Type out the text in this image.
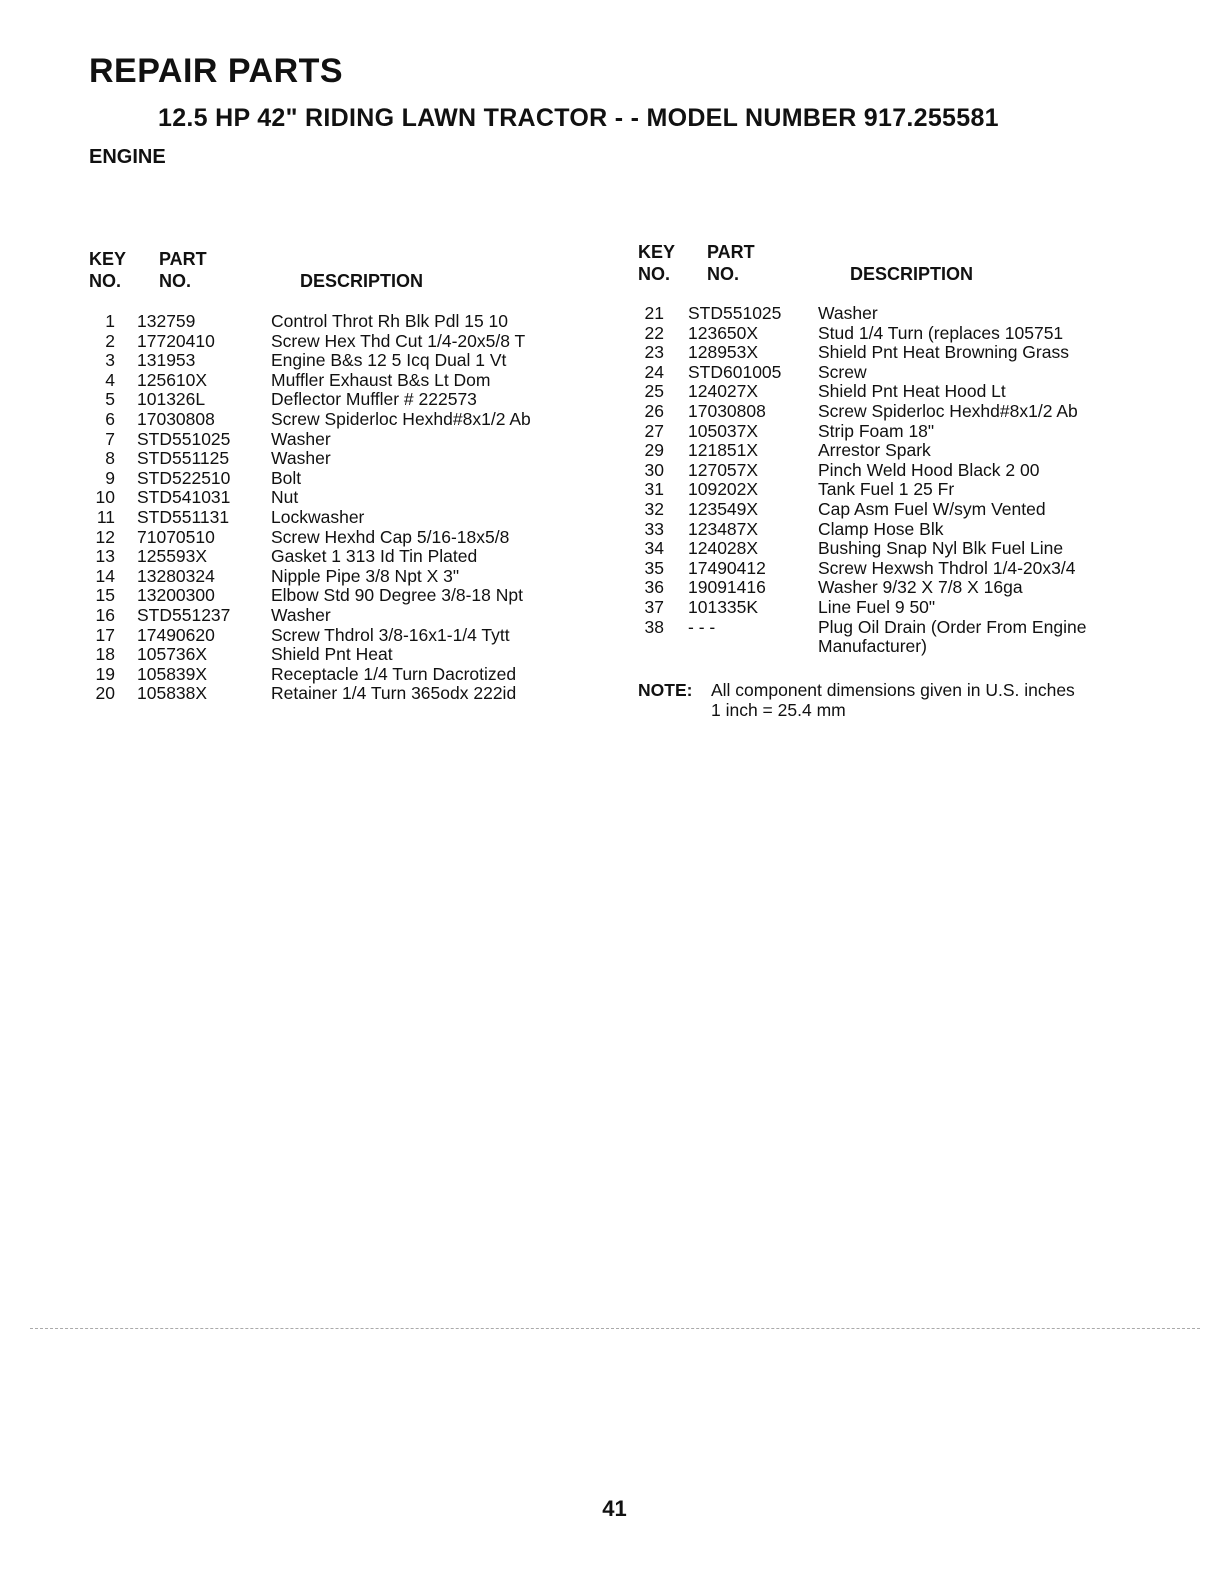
REPAIR PARTS
12.5 HP 42" RIDING LAWN TRACTOR - - MODEL NUMBER 917.255581
ENGINE
KEY
NO.
PART
NO.	DESCRIPTION
KEY
NO.
PART
NO.	DESCRIPTION
1 132759	Control Throt Rh Blk Pdl 15 10
2 17720410	Screw Hex Thd Cut 1/4-20x5/8 T
3 131953	Engine B&s 12 5 Icq Dual 1 Vt
4 125610X	Muffler Exhaust B&s Lt Dom
5 101326L	Deflector Muffler # 222573
6 17030808	Screw Spiderloc Hexhd#8x1/2 Ab
7 STD551025 Washer
8 STD551125 Washer
9 STD522510 Bolt
10 STD541031 Nut
11 STD551131 Lockwasher
12 71070510	Screw Hexhd Cap 5/16-18x5/8
13 125593X	Gasket 1 313 Id Tin Plated
14 13280324	Nipple Pipe 3/8 Npt X 3"
15 13200300	Elbow Std 90 Degree 3/8-18 Npt
16 STD551237 Washer
17 17490620	Screw Thdrol 3/8-16x1-1/4 Tytt
18 105736X	Shield Pnt Heat
19 105839X	Receptacle 1/4 Turn Dacrotized
20 105838X	Retainer 1/4 Turn 365odx 222id
21 STD551025 Washer
22 123650X	Stud 1/4 Turn (replaces 105751
23 128953X	Shield Pnt Heat Browning Grass
24 STD601005 Screw
25 124027X	Shield Pnt Heat Hood Lt
26 17030808	Screw Spiderloc Hexhd#8x1/2 Ab
27 105037X	Strip Foam 18"
29 121851X	Arrestor Spark
30 127057X	Pinch Weld Hood Black 2 00
31 109202X	Tank Fuel 1 25 Fr
32 123549X	Cap Asm Fuel W/sym Vented
33 123487X	Clamp Hose Blk
34 124028X	Bushing Snap Nyl Blk Fuel Line
35 17490412	Screw Hexwsh Thdrol 1/4-20x3/4
36 19091416	Washer 9/32 X 7/8 X 16ga
37 101335K	Line Fuel 9 50"
38 - - -	Plug Oil Drain (Order From Engine
Manufacturer)
NOTE: All component dimensions given in U.S. inches
1 inch = 25.4 mm
41
